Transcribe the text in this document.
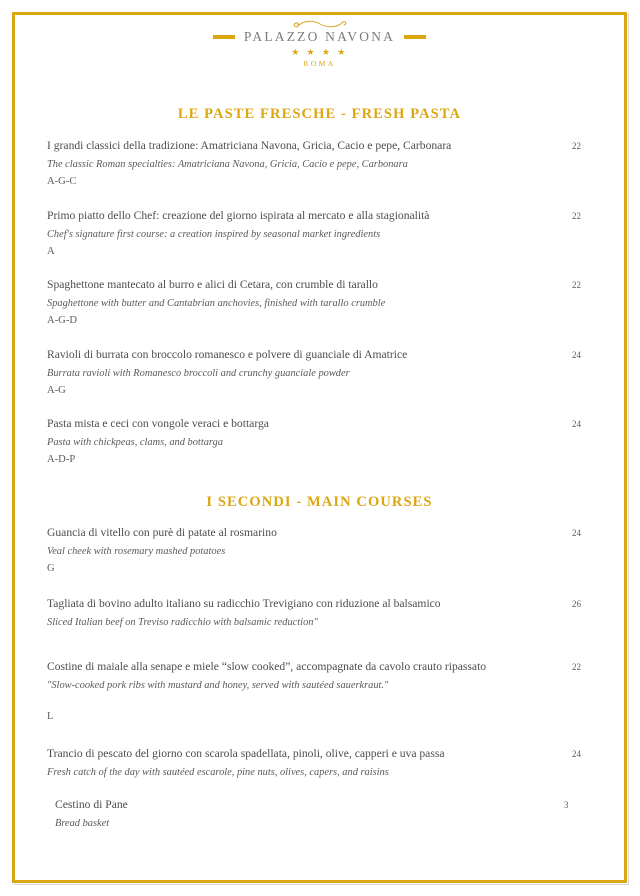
PALAZZO NAVONA
★ ★ ★ ★
ROMA
LE PASTE FRESCHE - FRESH PASTA
I grandi classici della tradizione: Amatriciana Navona, Gricia, Cacio e pepe, Carbonara	22
The classic Roman specialties: Amatriciana Navona, Gricia, Cacio e pepe, Carbonara
A-G-C
Primo piatto dello Chef: creazione del giorno ispirata al mercato e alla stagionalità	22
Chef's signature first course: a creation inspired by seasonal market ingredients
A
Spaghettone mantecato al burro e alici di Cetara, con crumble di tarallo	22
Spaghettone with butter and Cantabrian anchovies, finished with tarallo crumble
A-G-D
Ravioli di burrata con broccolo romanesco e polvere di guanciale di Amatrice	24
Burrata ravioli with Romanesco broccoli and crunchy guanciale powder
A-G
Pasta mista e ceci con vongole veraci e bottarga	24
Pasta with chickpeas, clams, and bottarga
A-D-P
I SECONDI - MAIN COURSES
Guancia di vitello con purè di patate al rosmarino	24
Veal cheek with rosemary mashed potatoes
G
Tagliata di bovino adulto italiano su radicchio Trevigiano con riduzione al balsamico	26
Sliced Italian beef on Treviso radicchio with balsamic reduction"
Costine di maiale alla senape e miele “slow cooked”, accompagnate da cavolo crauto ripassato	22
"Slow-cooked pork ribs with mustard and honey, served with sautéed sauerkraut."
L
Trancio di pescato del giorno con scarola spadellata, pinoli, olive, capperi e uva passa	24
Fresh catch of the day with sautéed escarole, pine nuts, olives, capers, and raisins
Cestino di Pane	3
Bread basket
